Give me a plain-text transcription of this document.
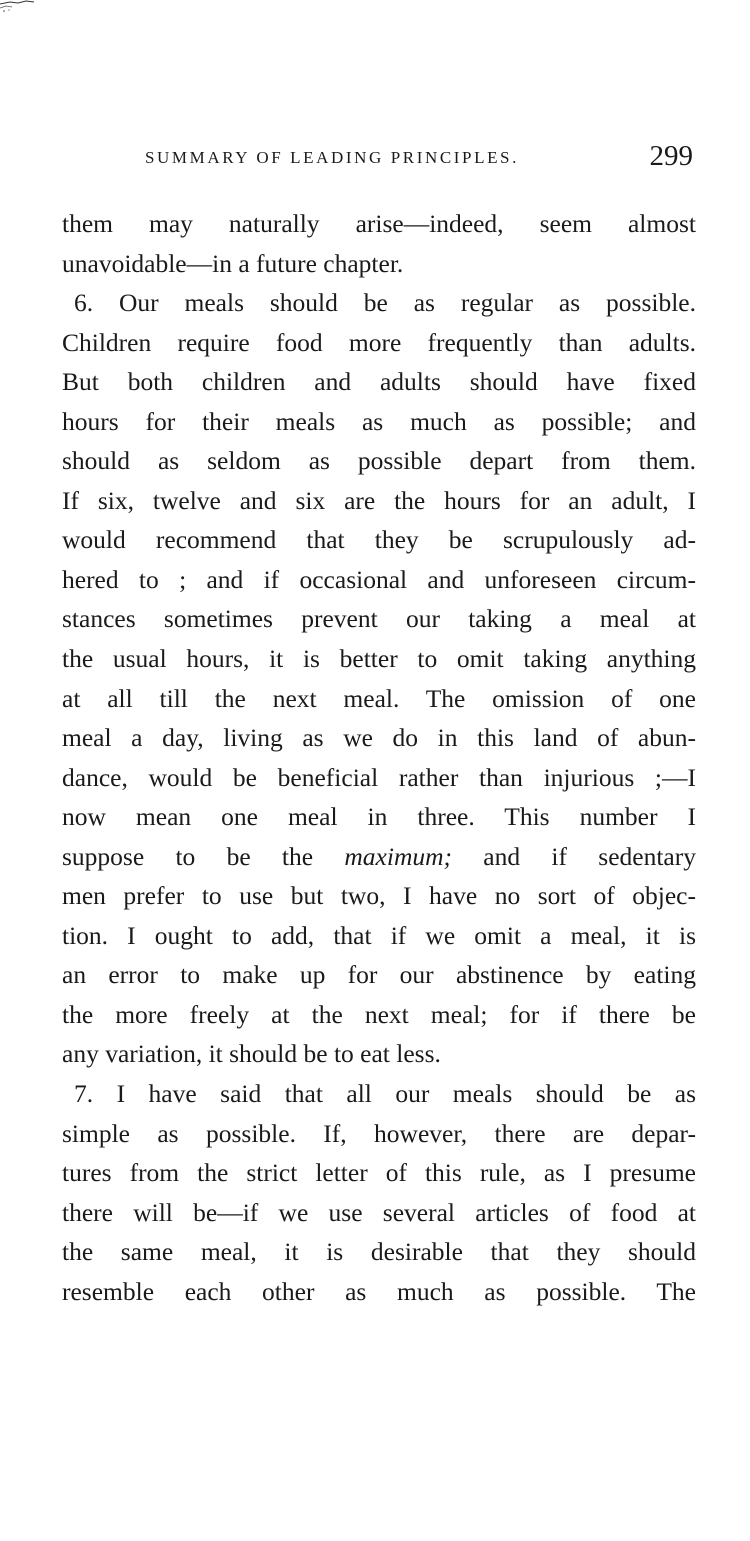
SUMMARY OF LEADING PRINCIPLES.	299
them may naturally arise—indeed, seem almost
unavoidable—in a future chapter.
6. Our meals should be as regular as possible.
Children require food more frequently than adults.
But both children and adults should have fixed
hours for their meals as much as possible; and
should as seldom as possible depart from them.
If six, twelve and six are the hours for an adult, I
would recommend that they be scrupulously ad-
hered to ; and if occasional and unforeseen circum-
stances sometimes prevent our taking a meal at
the usual hours, it is better to omit taking anything
at all till the next meal. The omission of one
meal a day, living as we do in this land of abun-
dance, would be beneficial rather than injurious ;—I
now mean one meal in three. This number I
suppose to be the maximum; and if sedentary
men prefer to use but two, I have no sort of objec-
tion. I ought to add, that if we omit a meal, it is
an error to make up for our abstinence by eating
the more freely at the next meal; for if there be
any variation, it should be to eat less.
7. I have said that all our meals should be as
simple as possible. If, however, there are depar-
tures from the strict letter of this rule, as I presume
there will be—if we use several articles of food at
the same meal, it is desirable that they should
resemble each other as much as possible. The
